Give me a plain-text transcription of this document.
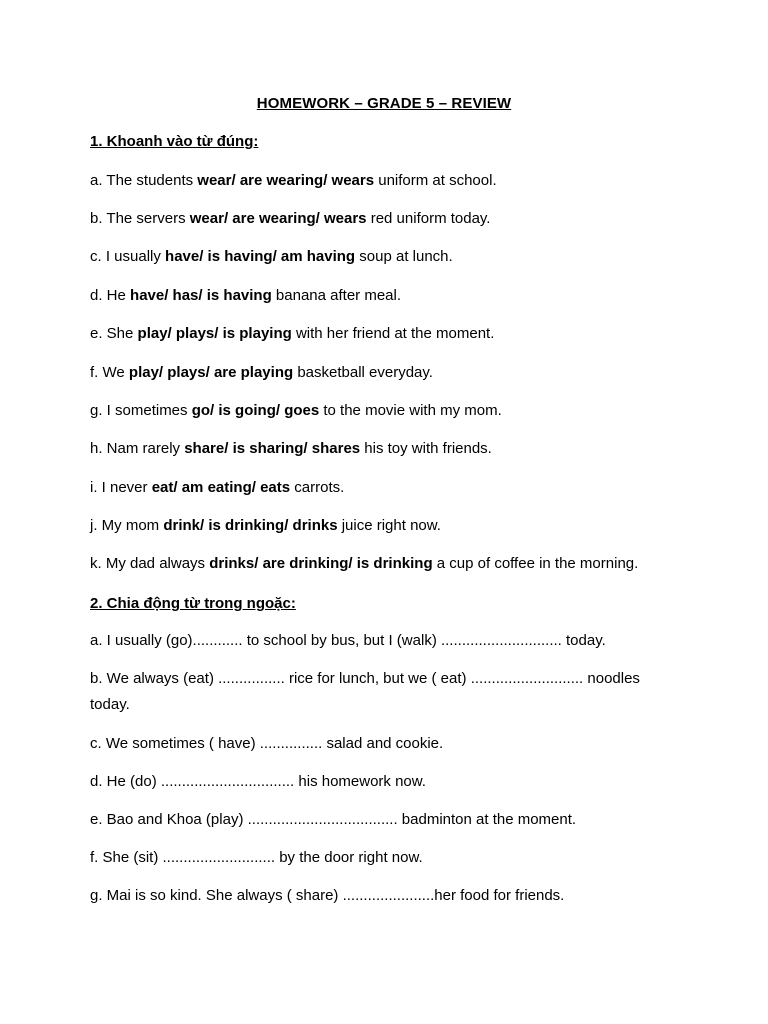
HOMEWORK – GRADE 5 – REVIEW
1. Khoanh vào từ đúng:
a. The students wear/ are wearing/ wears uniform at school.
b. The servers wear/ are wearing/ wears red uniform today.
c. I usually have/ is having/ am having soup at lunch.
d. He have/ has/ is having banana after meal.
e. She play/ plays/ is playing with her friend at the moment.
f. We play/ plays/ are playing basketball everyday.
g. I sometimes go/ is going/ goes to the movie with my mom.
h. Nam rarely share/ is sharing/ shares his toy with friends.
i. I never eat/ am eating/ eats carrots.
j. My mom drink/ is drinking/ drinks juice right now.
k. My dad always drinks/ are drinking/ is drinking a cup of coffee in the morning.
2. Chia động từ trong ngoặc:
a. I usually (go)............ to school by bus, but I (walk) ............................. today.
b. We always (eat) ................ rice for lunch, but we ( eat) ........................... noodles today.
c. We sometimes ( have) ............... salad and cookie.
d. He (do) ................................ his homework now.
e. Bao and Khoa (play) .................................... badminton at the moment.
f. She (sit) ........................... by the door right now.
g. Mai is so kind. She always ( share) ......................her food for friends.
